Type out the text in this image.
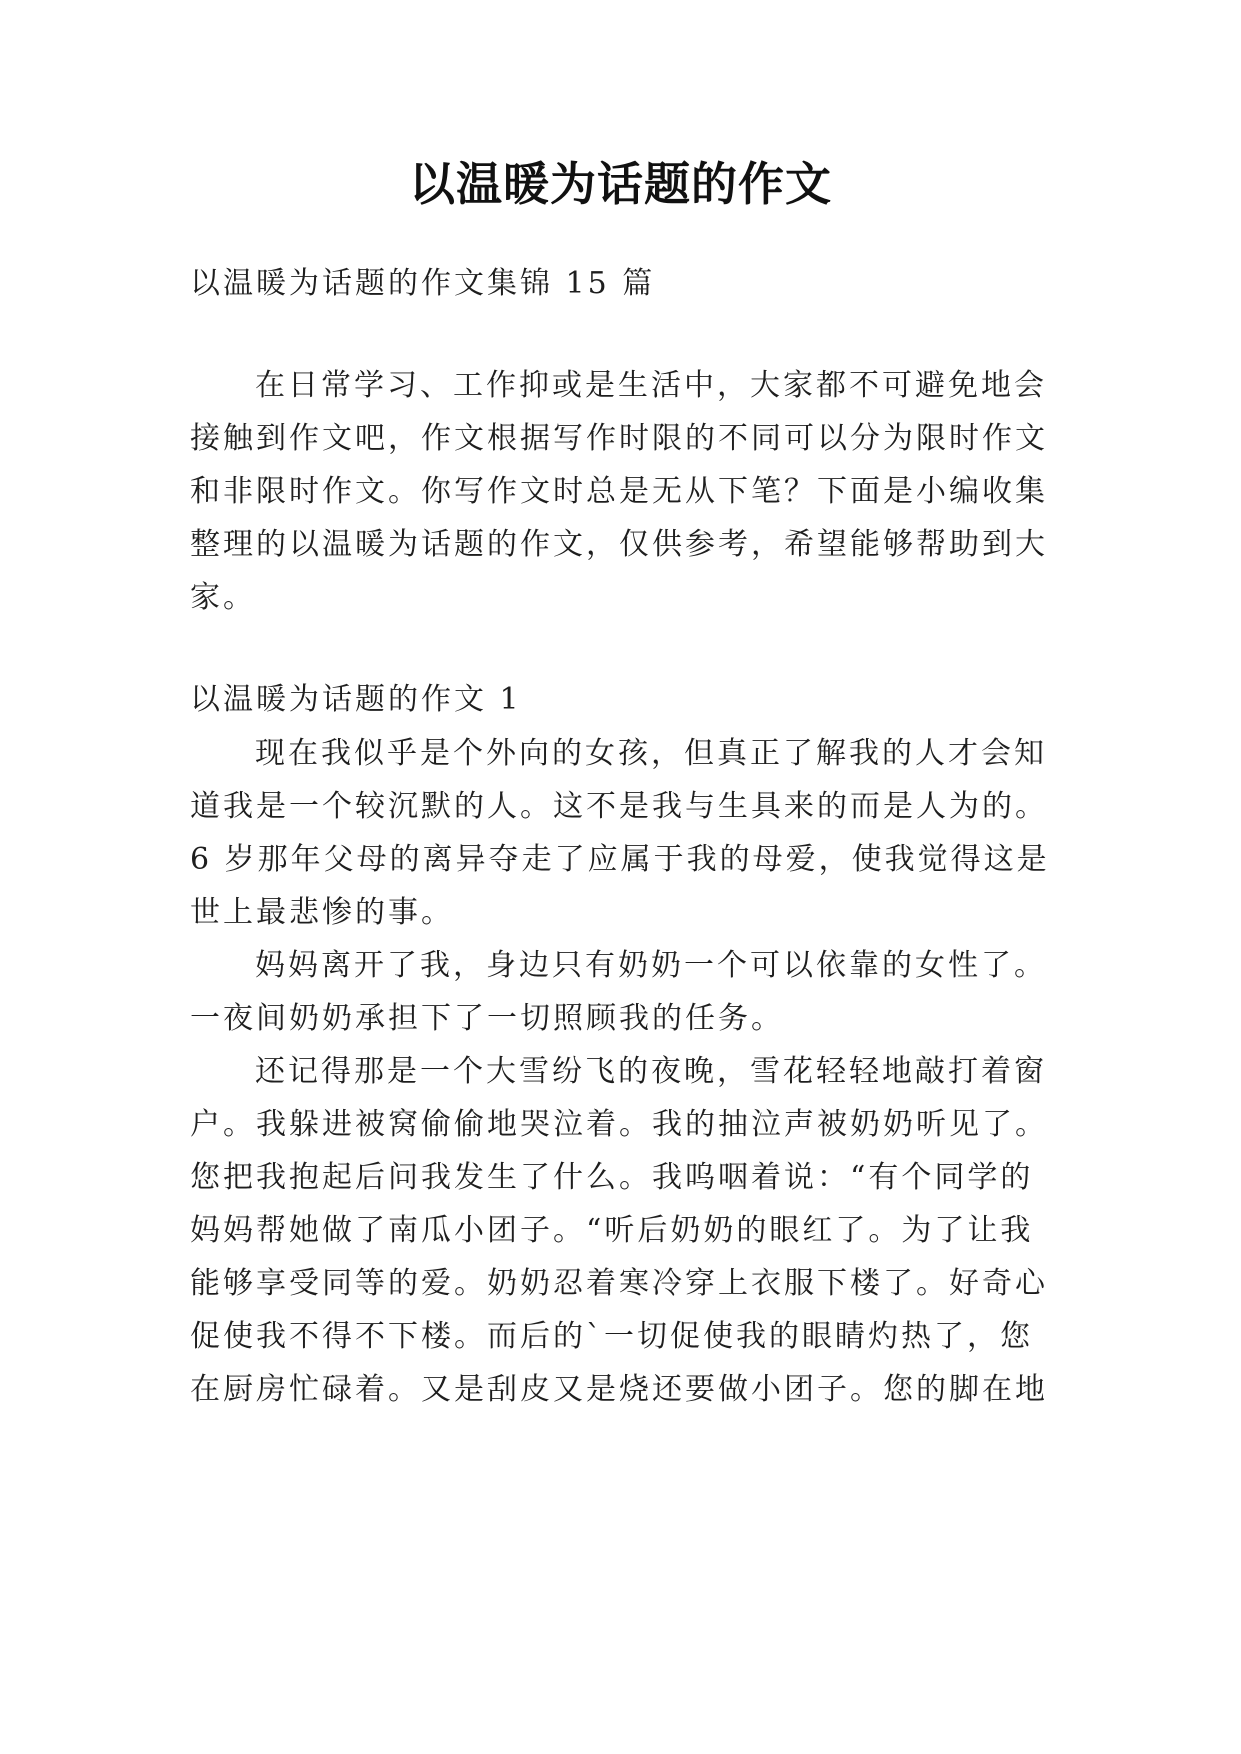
以温暖为话题的作文
以温暖为话题的作文集锦 15 篇
在日常学习、工作抑或是生活中，大家都不可避免地会
接触到作文吧，作文根据写作时限的不同可以分为限时作文
和非限时作文。你写作文时总是无从下笔？下面是小编收集
整理的以温暖为话题的作文，仅供参考，希望能够帮助到大
家。
以温暖为话题的作文 1
现在我似乎是个外向的女孩，但真正了解我的人才会知
道我是一个较沉默的人。这不是我与生具来的而是人为的。
6 岁那年父母的离异夺走了应属于我的母爱，使我觉得这是
世上最悲惨的事。
妈妈离开了我，身边只有奶奶一个可以依靠的女性了。
一夜间奶奶承担下了一切照顾我的任务。
还记得那是一个大雪纷飞的夜晚，雪花轻轻地敲打着窗
户。我躲进被窝偷偷地哭泣着。我的抽泣声被奶奶听见了。
您把我抱起后问我发生了什么。我呜咽着说：“有个同学的
妈妈帮她做了南瓜小团子。“听后奶奶的眼红了。为了让我
能够享受同等的爱。奶奶忍着寒冷穿上衣服下楼了。好奇心
促使我不得不下楼。而后的`一切促使我的眼睛灼热了，您
在厨房忙碌着。又是刮皮又是烧还要做小团子。您的脚在地
